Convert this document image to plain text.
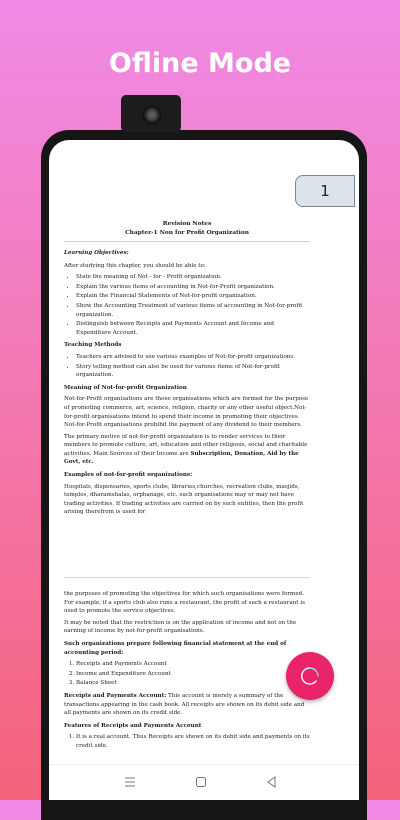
Ofline Mode
Revision Notes
Chapter-1 Non for Profit Organization
Learning Objectives:

After studying this chapter, you should be able to:

• State the meaning of Not - for - Profit organization.
• Explain the various items of accounting in Not-for-Profit organization.
• Explain the Financial Statements of Not-for-profit organization.
• Show the Accounting Treatment of various items of accounting in Not-for-profit organization.
• Distinguish between Receipts and Payments Account and Income and Expenditure Account.
Teaching Methods
• Teachers are advised to use various examples of Not-for-profit organizations.
• Story telling method can also be used for various items of Not-for-profit organization.
Meaning of Not-for-profit Organization

Not-for-Profit organisations are those organisations which are formed for the purpose of promoting commerce, art, science, religion, charity or any other useful object.Not-for-profit organisations intend to spend their income in promoting their objectives. Not-for-Profit organisations prohibit the payment of any dividend to their members.

The primary motive of not-for-profit organization is to render services to their members to promote culture, art, education and other religious, social and charitable activities. Main Sources of their Income are Subscription, Donation, Aid by the Govt, etc.

Examples of not-for-profit organizations:

Hospitals, dispensaries, sports clubs, libraries,churches, recreation clubs, masjids, temples, dharamshalas, orphanage, etc. such organisations may or may not have trading activities. If trading activities are carried on by such entities, then the profit arising therefrom is used for

the purposes of promoting the objectives for which such organisations were formed. For example, if a sports club also runs a restaurant, the profit of such a restaurant is used to promote the service objectives.

It may be noted that the restriction is on the application of income and not on the earning of income by not-for-profit organisations.

Such organizations prepare following financial statement at the end of accounting period:
1. Receipts and Payments Account
2. Income and Expenditure Account
3. Balance Sheet

Receipts and Payments Account: This account is merely a summary of the transactions appearing in the cash book. All receipts are shown on its debit side and all payments are shown on its credit side.

Features of Receipts and Payments Account
1. It is a real account. Thus Receipts are shown on its debit side and payments on its credit side.
1
